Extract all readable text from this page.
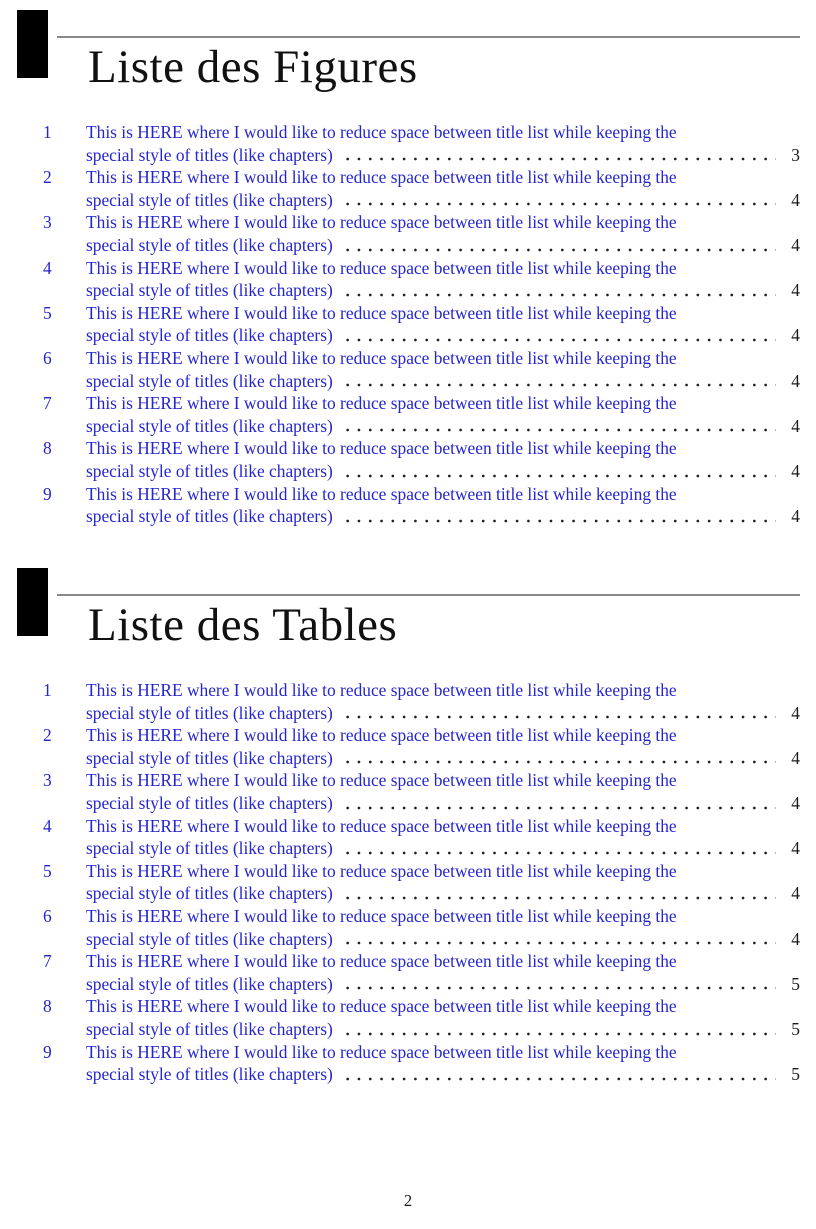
Liste des Figures
1	This is HERE where I would like to reduce space between title list while keeping the
special style of titles (like chapters)	3
2	This is HERE where I would like to reduce space between title list while keeping the
special style of titles (like chapters)	4
3	This is HERE where I would like to reduce space between title list while keeping the
special style of titles (like chapters)	4
4	This is HERE where I would like to reduce space between title list while keeping the
special style of titles (like chapters)	4
5	This is HERE where I would like to reduce space between title list while keeping the
special style of titles (like chapters)	4
6	This is HERE where I would like to reduce space between title list while keeping the
special style of titles (like chapters)	4
7	This is HERE where I would like to reduce space between title list while keeping the
special style of titles (like chapters)	4
8	This is HERE where I would like to reduce space between title list while keeping the
special style of titles (like chapters)	4
9	This is HERE where I would like to reduce space between title list while keeping the
special style of titles (like chapters)	4
Liste des Tables
1	This is HERE where I would like to reduce space between title list while keeping the
special style of titles (like chapters)	4
2	This is HERE where I would like to reduce space between title list while keeping the
special style of titles (like chapters)	4
3	This is HERE where I would like to reduce space between title list while keeping the
special style of titles (like chapters)	4
4	This is HERE where I would like to reduce space between title list while keeping the
special style of titles (like chapters)	4
5	This is HERE where I would like to reduce space between title list while keeping the
special style of titles (like chapters)	4
6	This is HERE where I would like to reduce space between title list while keeping the
special style of titles (like chapters)	4
7	This is HERE where I would like to reduce space between title list while keeping the
special style of titles (like chapters)	5
8	This is HERE where I would like to reduce space between title list while keeping the
special style of titles (like chapters)	5
9	This is HERE where I would like to reduce space between title list while keeping the
special style of titles (like chapters)	5
2
